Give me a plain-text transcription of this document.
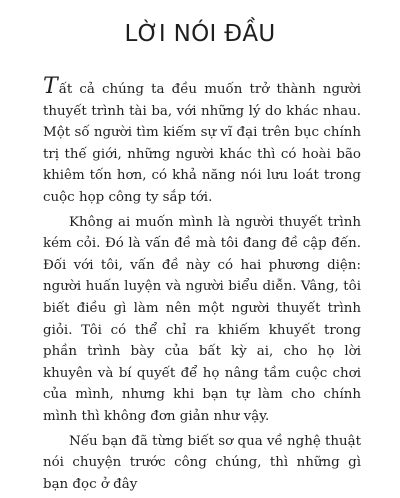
LỜI NÓI ĐẦU

Tất cả chúng ta đều muốn trở thành người thuyết trình tài ba, với những lý do khác nhau. Một số người tìm kiếm sự vĩ đại trên bục chính trị thế giới, những người khác thì có hoài bão khiêm tốn hơn, có khả năng nói lưu loát trong cuộc họp công ty sắp tới.

Không ai muốn mình là người thuyết trình kém cỏi. Đó là vấn đề mà tôi đang đề cập đến. Đối với tôi, vấn đề này có hai phương diện: người huấn luyện và người biểu diễn. Vâng, tôi biết điều gì làm nên một người thuyết trình giỏi. Tôi có thể chỉ ra khiếm khuyết trong phần trình bày của bất kỳ ai, cho họ lời khuyên và bí quyết để họ nâng tầm cuộc chơi của mình, nhưng khi bạn tự làm cho chính mình thì không đơn giản như vậy.

Nếu bạn đã từng biết sơ qua về nghệ thuật nói chuyện trước công chúng, thì những gì bạn đọc ở đây
